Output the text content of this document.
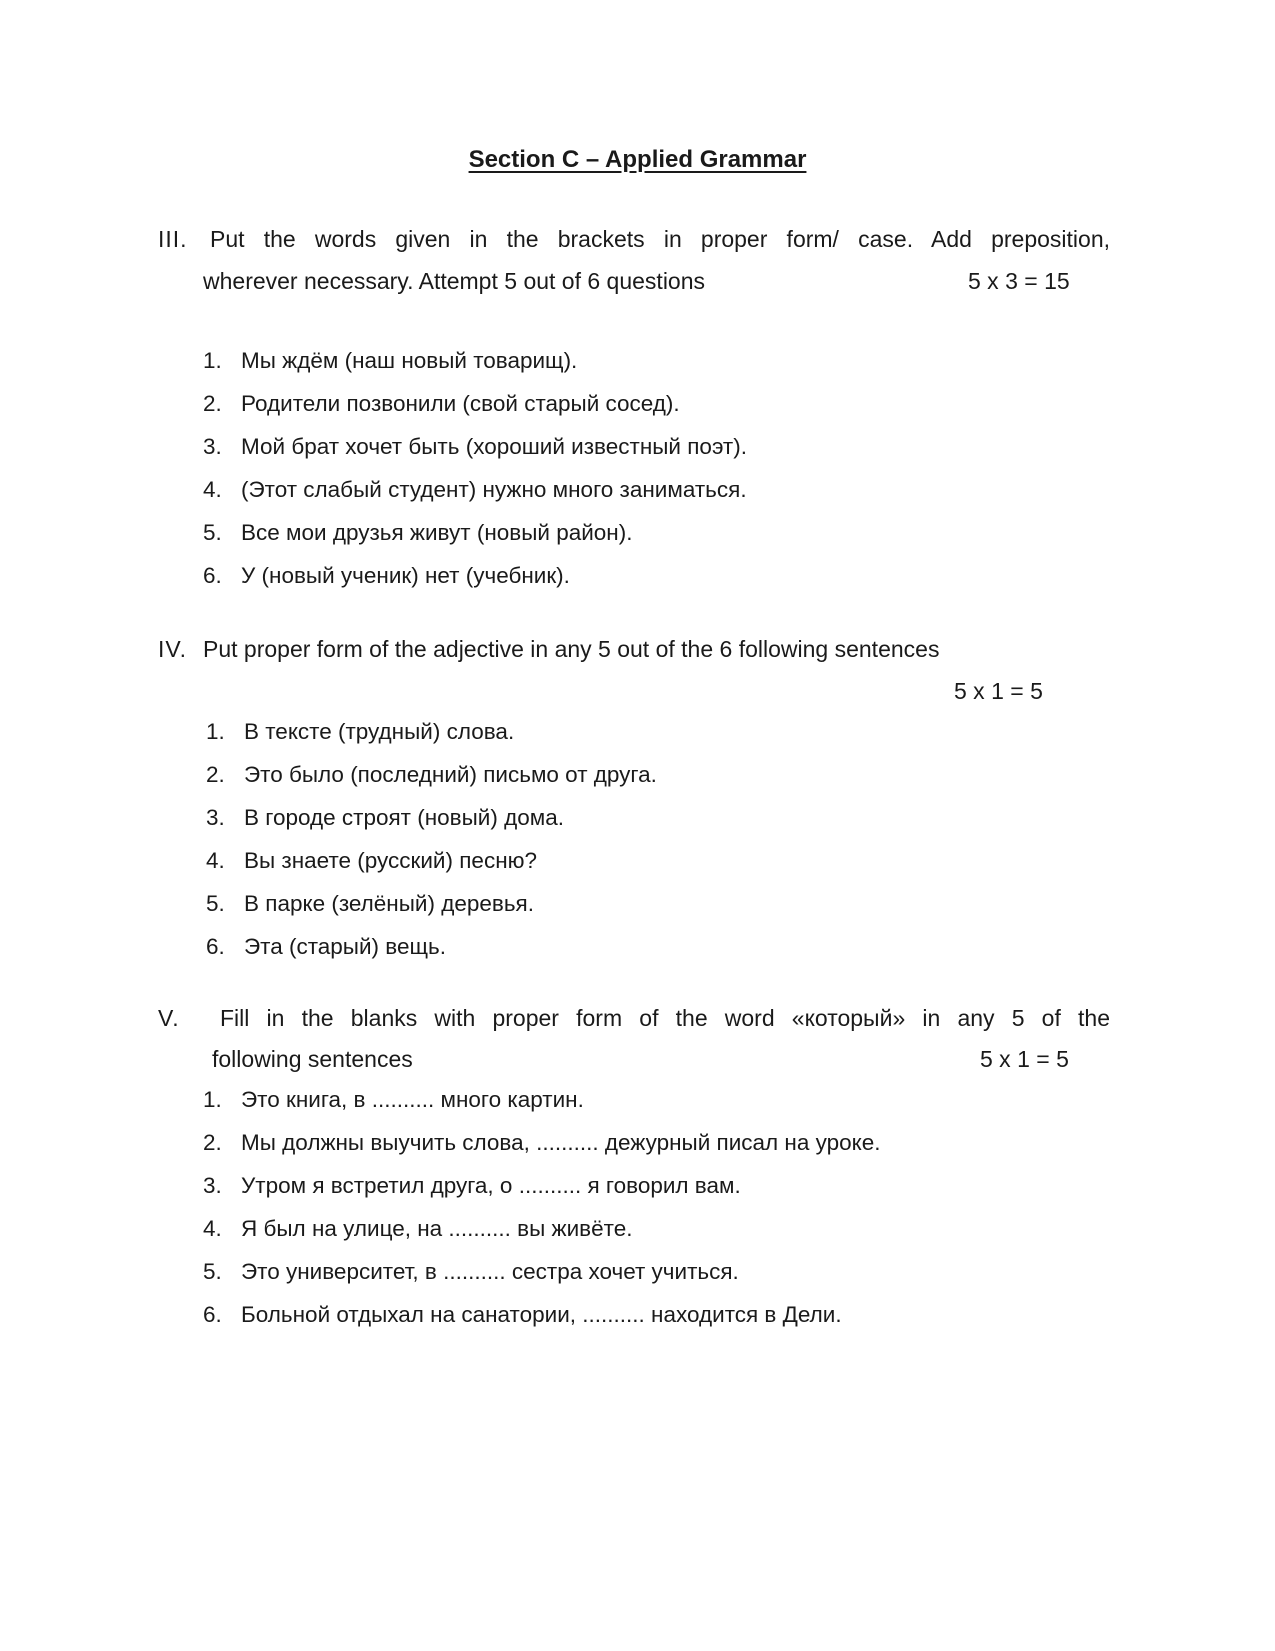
Section C – Applied Grammar
III. Put the words given in the brackets in proper form/ case. Add preposition,
wherever necessary. Attempt 5 out of 6 questions	5 x 3 = 15
1. Мы ждём (наш новый товарищ).
2. Родители позвонили (свой старый сосед).
3. Мой брат хочет быть (хороший известный поэт).
4. (Этот слабый студент) нужно много заниматься.
5. Все мои друзья живут (новый район).
6. У (новый ученик) нет (учебник).
IV. Put proper form of the adjective in any 5 out of the 6 following sentences
5 x 1 = 5
1. В тексте (трудный) слова.
2. Это было (последний) письмо от друга.
3. В городе строят (новый) дома.
4. Вы знаете (русский) песню?
5. В парке (зелёный) деревья.
6. Эта (старый) вещь.
V. Fill in the blanks with proper form of the word «который» in any 5 of the
following sentences	5 x 1 = 5
1. Это книга, в .......... много картин.
2. Мы должны выучить слова, .......... дежурный писал на уроке.
3. Утром я встретил друга, о .......... я говорил вам.
4. Я был на улице, на .......... вы живёте.
5. Это университет, в .......... сестра хочет учиться.
6. Больной отдыхал на санатории, .......... находится в Дели.
